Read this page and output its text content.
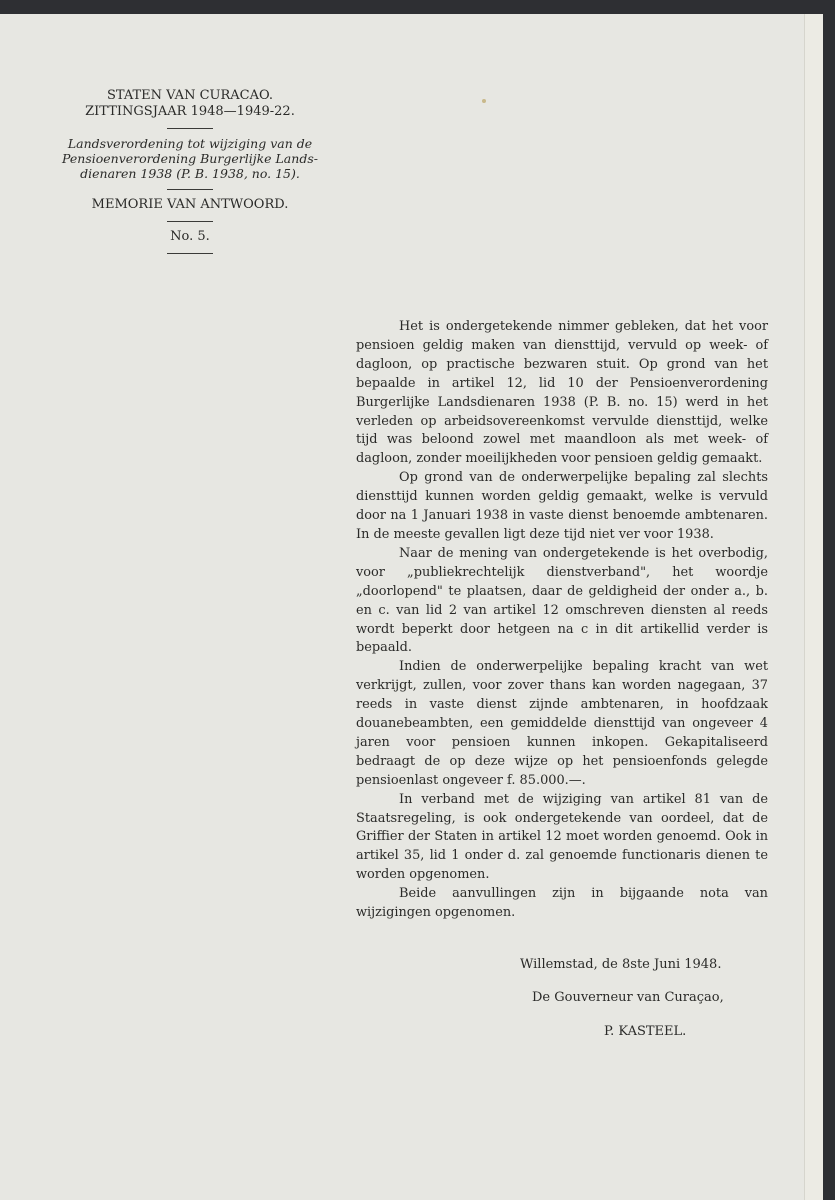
STATEN VAN CURACAO.
ZITTINGSJAAR 1948—1949-22.
Landsverordening tot wijziging van de
Pensioenverordening Burgerlijke Lands-
dienaren 1938 (P. B. 1938, no. 15).
MEMORIE VAN ANTWOORD.
No. 5.

Het is ondergetekende nimmer gebleken, dat het voor pensioen geldig maken van diensttijd, vervuld op week- of dagloon, op practische bezwaren stuit. Op grond van het bepaalde in artikel 12, lid 10 der Pensioenverordening Burgerlijke Landsdienaren 1938 (P. B. no. 15) werd in het verleden op arbeidsovereenkomst vervulde diensttijd, welke tijd was beloond zowel met maandloon als met week- of dagloon, zonder moeilijkheden voor pensioen geldig gemaakt.

Op grond van de onderwerpelijke bepaling zal slechts diensttijd kunnen worden geldig gemaakt, welke is vervuld door na 1 Januari 1938 in vaste dienst benoemde ambtenaren. In de meeste gevallen ligt deze tijd niet ver voor 1938.

Naar de mening van ondergetekende is het overbodig, voor „publiekrechtelijk dienstverband", het woordje „doorlopend" te plaatsen, daar de geldigheid der onder a., b. en c. van lid 2 van artikel 12 omschreven diensten al reeds wordt beperkt door hetgeen na c in dit artikellid verder is bepaald.

Indien de onderwerpelijke bepaling kracht van wet verkrijgt, zullen, voor zover thans kan worden nagegaan, 37 reeds in vaste dienst zijnde ambtenaren, in hoofdzaak douanebeambten, een gemiddelde diensttijd van ongeveer 4 jaren voor pensioen kunnen inkopen. Gekapitaliseerd bedraagt de op deze wijze op het pensioenfonds gelegde pensioenlast ongeveer f. 85.000.—.

In verband met de wijziging van artikel 81 van de Staatsregeling, is ook ondergetekende van oordeel, dat de Griffier der Staten in artikel 12 moet worden genoemd. Ook in artikel 35, lid 1 onder d. zal genoemde functionaris dienen te worden opgenomen.

Beide aanvullingen zijn in bijgaande nota van wijzigingen opgenomen.

Willemstad, de 8ste Juni 1948.
De Gouverneur van Curaçao,
P. KASTEEL.
